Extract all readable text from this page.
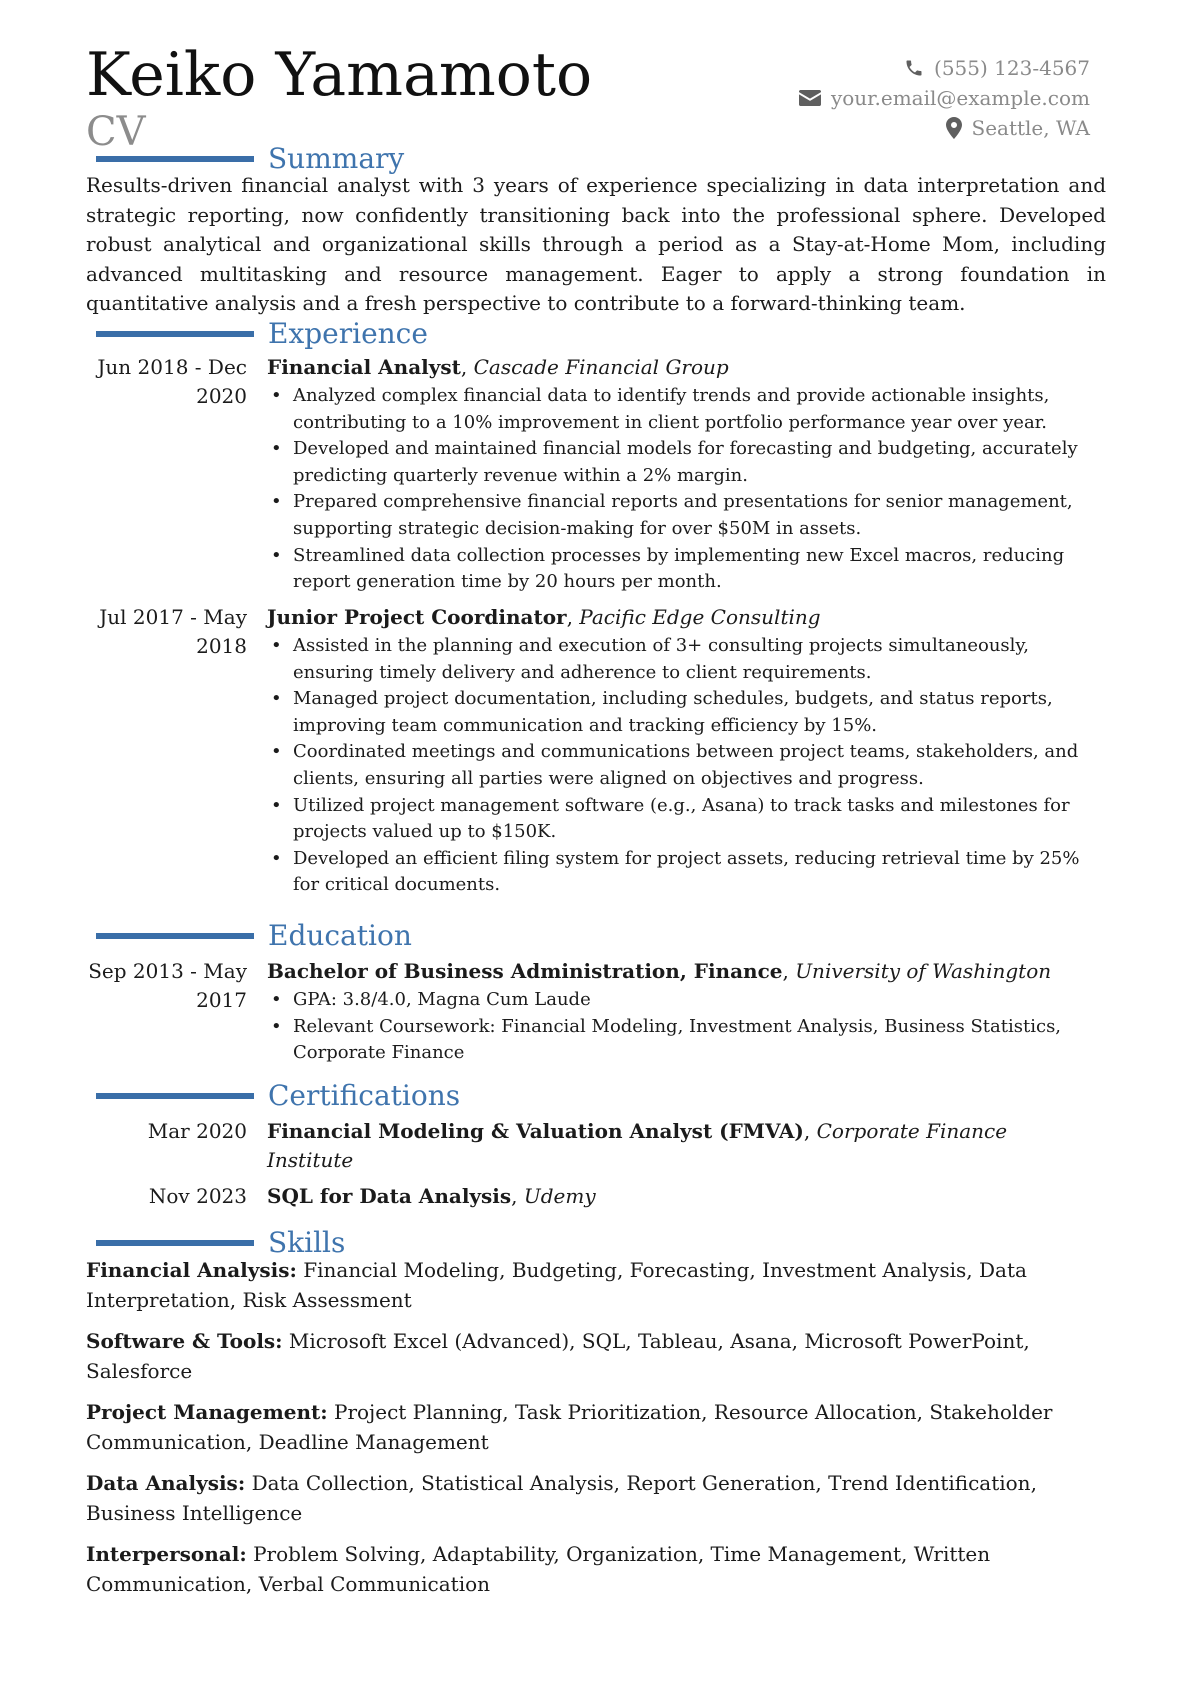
Keiko Yamamoto
CV
(555) 123-4567
your.email@example.com
Seattle, WA
Summary
Results-driven financial analyst with 3 years of experience specializing in data interpretation and strategic reporting, now confidently transitioning back into the professional sphere. Developed robust analytical and organizational skills through a period as a Stay-at-Home Mom, including advanced multitasking and resource management. Eager to apply a strong foundation in quantitative analysis and a fresh perspective to contribute to a forward-thinking team.
Experience
Jun 2018 - Dec
2020
Financial Analyst, Cascade Financial Group
• Analyzed complex financial data to identify trends and provide actionable insights, contributing to a 10% improvement in client portfolio performance year over year.
• Developed and maintained financial models for forecasting and budgeting, accurately predicting quarterly revenue within a 2% margin.
• Prepared comprehensive financial reports and presentations for senior management, supporting strategic decision-making for over $50M in assets.
• Streamlined data collection processes by implementing new Excel macros, reducing report generation time by 20 hours per month.
Jul 2017 - May
2018
Junior Project Coordinator, Pacific Edge Consulting
• Assisted in the planning and execution of 3+ consulting projects simultaneously, ensuring timely delivery and adherence to client requirements.
• Managed project documentation, including schedules, budgets, and status reports, improving team communication and tracking efficiency by 15%.
• Coordinated meetings and communications between project teams, stakeholders, and clients, ensuring all parties were aligned on objectives and progress.
• Utilized project management software (e.g., Asana) to track tasks and milestones for projects valued up to $150K.
• Developed an efficient filing system for project assets, reducing retrieval time by 25% for critical documents.
Education
Sep 2013 - May
2017
Bachelor of Business Administration, Finance, University of Washington
• GPA: 3.8/4.0, Magna Cum Laude
• Relevant Coursework: Financial Modeling, Investment Analysis, Business Statistics, Corporate Finance
Certifications
Mar 2020 Financial Modeling & Valuation Analyst (FMVA), Corporate Finance Institute
Nov 2023 SQL for Data Analysis, Udemy
Skills
Financial Analysis: Financial Modeling, Budgeting, Forecasting, Investment Analysis, Data Interpretation, Risk Assessment
Software & Tools: Microsoft Excel (Advanced), SQL, Tableau, Asana, Microsoft PowerPoint, Salesforce
Project Management: Project Planning, Task Prioritization, Resource Allocation, Stakeholder Communication, Deadline Management
Data Analysis: Data Collection, Statistical Analysis, Report Generation, Trend Identification, Business Intelligence
Interpersonal: Problem Solving, Adaptability, Organization, Time Management, Written Communication, Verbal Communication
